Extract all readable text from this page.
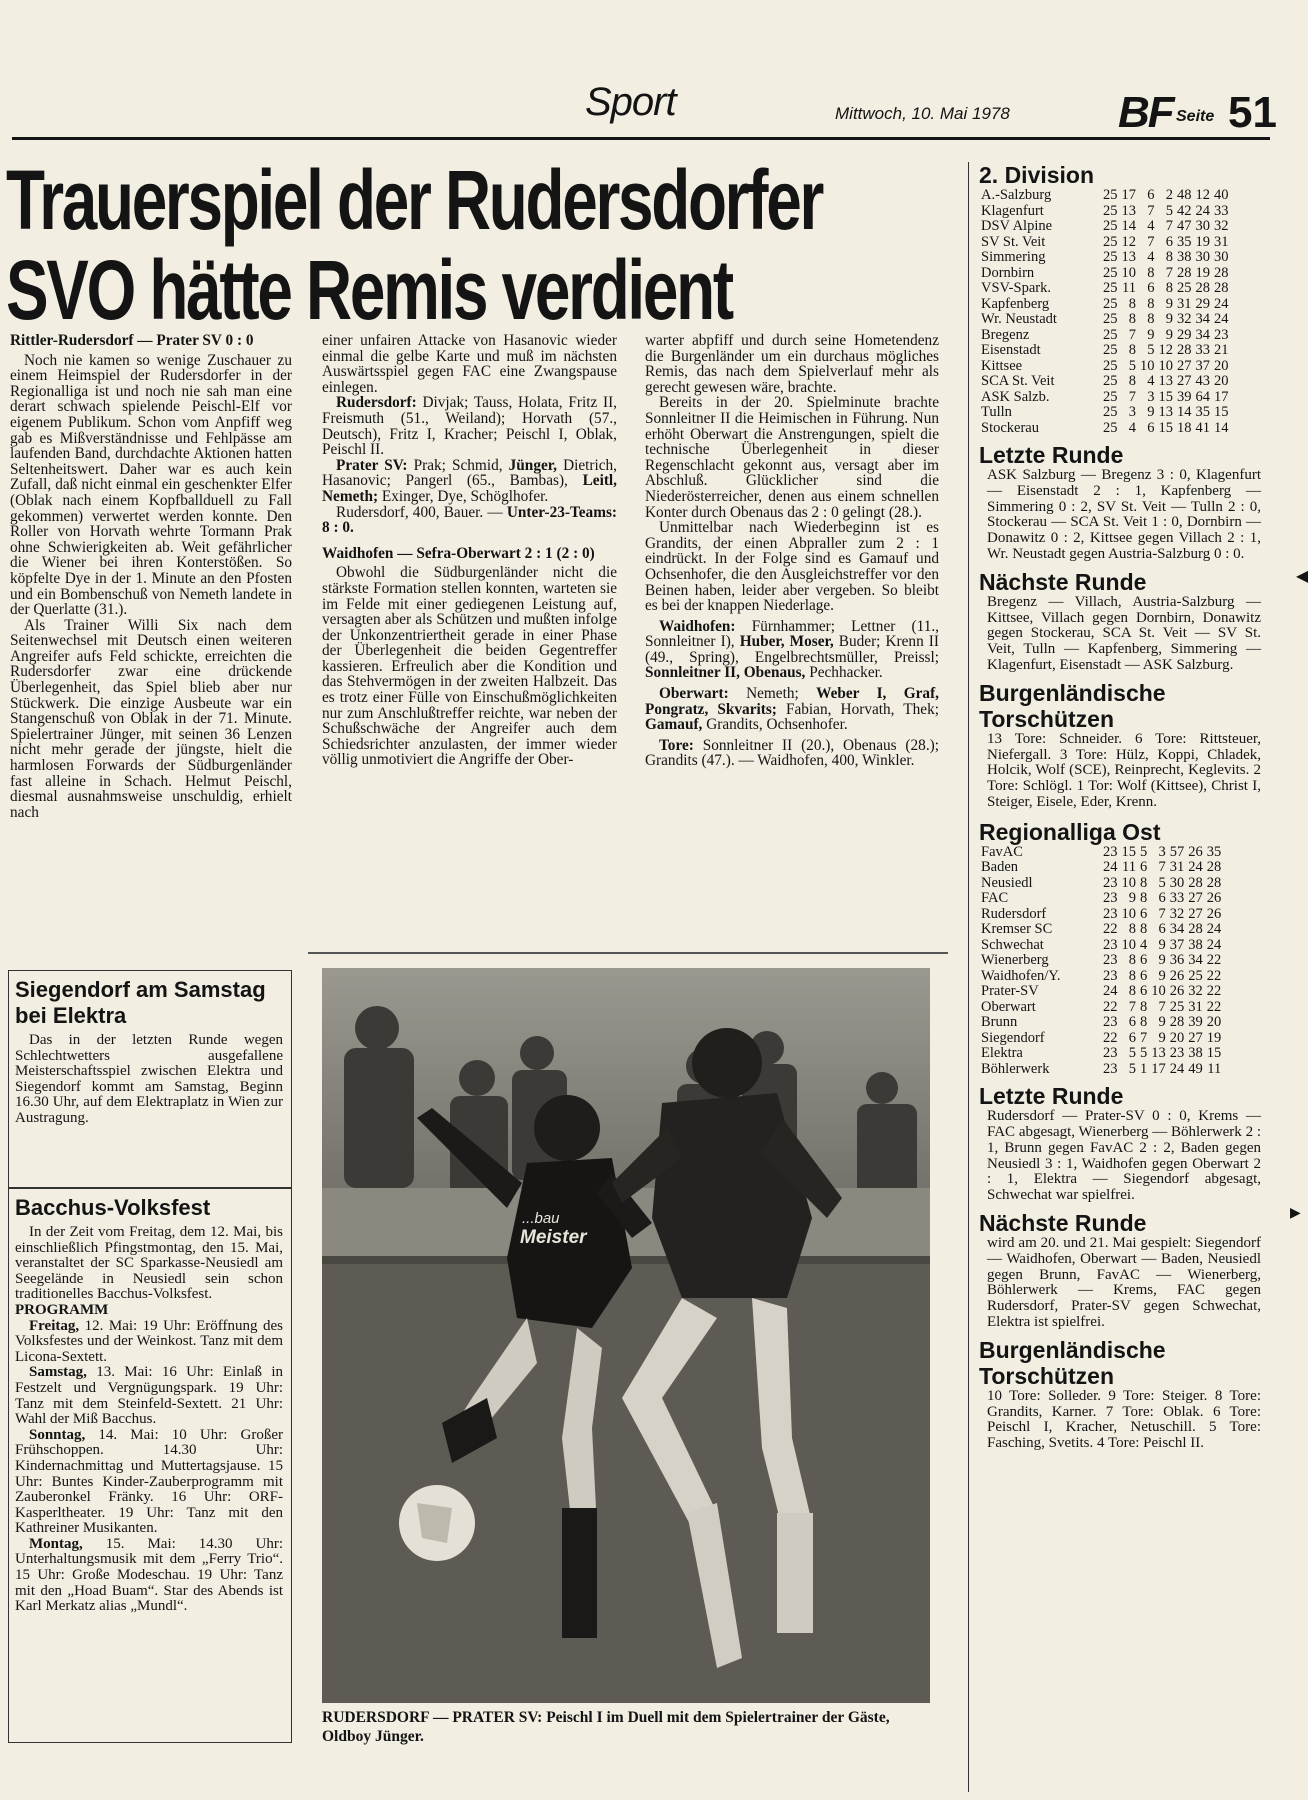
Sport	Mittwoch, 10. Mai 1978 BF Seite 51
Trauerspiel der Rudersdorfer
SVO hätte Remis verdient

Rittler-Rudersdorf — Prater SV 0 : 0

Noch nie kamen so wenige Zuschauer zu einem Heimspiel der Rudersdorfer in der Regionalliga ist und noch nie sah man eine derart schwach spielende Peischl-Elf vor eigenem Publikum. Schon vom Anpfiff weg gab es Mißverständnisse und Fehlpässe am laufenden Band, durchdachte Aktionen hatten Seltenheitswert. Daher war es auch kein Zufall, daß nicht einmal ein geschenkter Elfer (Oblak nach einem Kopfballduell zu Fall gekommen) verwertet werden konnte. Den Roller von Horvath wehrte Tormann Prak ohne Schwierigkeiten ab. Weit gefährlicher die Wiener bei ihren Konterstößen. So köpfelte Dye in der 1. Minute an den Pfosten und ein Bombenschuß von Nemeth landete in der Querlatte (31.).

Als Trainer Willi Six nach dem Seitenwechsel mit Deutsch einen weiteren Angreifer aufs Feld schickte, erreichten die Rudersdorfer zwar eine drückende Überlegenheit, das Spiel blieb aber nur Stückwerk. Die einzige Ausbeute war ein Stangenschuß von Oblak in der 71. Minute. Spielertrainer Jünger, mit seinen 36 Lenzen nicht mehr gerade der jüngste, hielt die harmlosen Forwards der Südburgenländer fast alleine in Schach. Helmut Peischl, diesmal ausnahmsweise unschuldig, erhielt nach

einer unfairen Attacke von Hasanovic wieder einmal die gelbe Karte und muß im nächsten Auswärtsspiel gegen FAC eine Zwangspause einlegen.

Rudersdorf: Divjak; Tauss, Holata, Fritz II, Freismuth (51., Weiland); Horvath (57., Deutsch), Fritz I, Kracher; Peischl I, Oblak, Peischl II.

Prater SV: Prak; Schmid, Jünger, Dietrich, Hasanovic; Pangerl (65., Bambas), Leitl, Nemeth; Exinger, Dye, Schöglhofer.

Rudersdorf, 400, Bauer. — Unter-23-Teams: 8 : 0.

Waidhofen — Sefra-Oberwart 2 : 1 (2 : 0)

Obwohl die Südburgenländer nicht die stärkste Formation stellen konnten, warteten sie im Felde mit einer gediegenen Leistung auf, versagten aber als Schützen und mußten infolge der Unkonzentriertheit gerade in einer Phase der Überlegenheit die beiden Gegentreffer kassieren. Erfreulich aber die Kondition und das Stehvermögen in der zweiten Halbzeit. Das es trotz einer Fülle von Einschußmöglichkeiten nur zum Anschlußtreffer reichte, war neben der Schußschwäche der Angreifer auch dem Schiedsrichter anzulasten, der immer wieder völlig unmotiviert die Angriffe der Ober-

warter abpfiff und durch seine Hometendenz die Burgenländer um ein durchaus mögliches Remis, das nach dem Spielverlauf mehr als gerecht gewesen wäre, brachte.

Bereits in der 20. Spielminute brachte Sonnleitner II die Heimischen in Führung. Nun erhöht Oberwart die Anstrengungen, spielt die technische Überlegenheit in dieser Regenschlacht gekonnt aus, versagt aber im Abschluß. Glücklicher sind die Niederösterreicher, denen aus einem schnellen Konter durch Obenaus das 2 : 0 gelingt (28.).

Unmittelbar nach Wiederbeginn ist es Grandits, der einen Abpraller zum 2 : 1 eindrückt. In der Folge sind es Gamauf und Ochsenhofer, die den Ausgleichstreffer vor den Beinen haben, leider aber vergeben. So bleibt es bei der knappen Niederlage.

Waidhofen: Fürnhammer; Lettner (11., Sonnleitner I), Huber, Moser, Buder; Krenn II (49., Spring), Engelbrechtsmüller, Preissl; Sonnleitner II, Obenaus, Pechhacker.

Oberwart: Nemeth; Weber I, Graf, Pongratz, Skvarits; Fabian, Horvath, Thek; Gamauf, Grandits, Ochsenhofer.

Tore: Sonnleitner II (20.), Obenaus (28.); Grandits (47.). — Waidhofen, 400, Winkler.

Siegendorf am Samstag bei Elektra

Das in der letzten Runde wegen Schlechtwetters ausgefallene Meisterschaftsspiel zwischen Elektra und Siegendorf kommt am Samstag, Beginn 16.30 Uhr, auf dem Elektraplatz in Wien zur Austragung.

Bacchus-Volksfest

In der Zeit vom Freitag, dem 12. Mai, bis einschließlich Pfingstmontag, den 15. Mai, veranstaltet der SC Sparkasse-Neusiedl am Seegelände in Neusiedl sein schon traditionelles Bacchus-Volksfest.

PROGRAMM

Freitag, 12. Mai: 19 Uhr: Eröffnung des Volksfestes und der Weinkost. Tanz mit dem Licona-Sextett.

Samstag, 13. Mai: 16 Uhr: Einlaß in Festzelt und Vergnügungspark. 19 Uhr: Tanz mit dem Steinfeld-Sextett. 21 Uhr: Wahl der Miß Bacchus.

Sonntag, 14. Mai: 10 Uhr: Großer Frühschoppen. 14.30 Uhr: Kindernachmittag und Muttertagsjause. 15 Uhr: Buntes Kinder-Zauberprogramm mit Zauberonkel Fränky. 16 Uhr: ORF-Kasperltheater. 19 Uhr: Tanz mit den Kathreiner Musikanten.

Montag, 15. Mai: 14.30 Uhr: Unterhaltungsmusik mit dem „Ferry Trio“. 15 Uhr: Große Modeschau. 19 Uhr: Tanz mit den „Hoad Buam“. Star des Abends ist Karl Merkatz alias „Mundl“.

...bau
Meister
RUDERSDORF — PRATER SV: Peischl I im Duell mit dem Spielertrainer der Gäste, Oldboy Jünger.
2. Division
A.-Salzburg	25	17	6	2	48	12	40
Klagenfurt	25	13	7	5	42	24	33
DSV Alpine	25	14	4	7	47	30	32
SV St. Veit	25	12	7	6	35	19	31
Simmering	25	13	4	8	38	30	30
Dornbirn	25	10	8	7	28	19	28
VSV-Spark.	25	11	6	8	25	28	28
Kapfenberg	25	8	8	9	31	29	24
Wr. Neustadt	25	8	8	9	32	34	24
Bregenz	25	7	9	9	29	34	23
Eisenstadt	25	8	5	12	28	33	21
Kittsee	25	5	10	10	27	37	20
SCA St. Veit	25	8	4	13	27	43	20
ASK Salzb.	25	7	3	15	39	64	17
Tulln	25	3	9	13	14	35	15
Stockerau	25	4	6	15	18	41	14
Letzte Runde

ASK Salzburg — Bregenz 3 : 0, Klagenfurt — Eisenstadt 2 : 1, Kapfenberg — Simmering 0 : 2, SV St. Veit — Tulln 2 : 0, Stockerau — SCA St. Veit 1 : 0, Dornbirn — Donawitz 0 : 2, Kittsee gegen Villach 2 : 1, Wr. Neustadt gegen Austria-Salzburg 0 : 0.

Nächste Runde

Bregenz — Villach, Austria-Salzburg — Kittsee, Villach gegen Dornbirn, Donawitz gegen Stockerau, SCA St. Veit — SV St. Veit, Tulln — Kapfenberg, Simmering — Klagenfurt, Eisenstadt — ASK Salzburg.

Burgenländische Torschützen

13 Tore: Schneider. 6 Tore: Rittsteuer, Niefergall. 3 Tore: Hülz, Koppi, Chladek, Holcik, Wolf (SCE), Reinprecht, Keglevits. 2 Tore: Schlögl. 1 Tor: Wolf (Kittsee), Christ I, Steiger, Eisele, Eder, Krenn.

Regionalliga Ost
FavAC	23	15	5	3	57	26	35
Baden	24	11	6	7	31	24	28
Neusiedl	23	10	8	5	30	28	28
FAC	23	9	8	6	33	27	26
Rudersdorf	23	10	6	7	32	27	26
Kremser SC	22	8	8	6	34	28	24
Schwechat	23	10	4	9	37	38	24
Wienerberg	23	8	6	9	36	34	22
Waidhofen/Y.	23	8	6	9	26	25	22
Prater-SV	24	8	6	10	26	32	22
Oberwart	22	7	8	7	25	31	22
Brunn	23	6	8	9	28	39	20
Siegendorf	22	6	7	9	20	27	19
Elektra	23	5	5	13	23	38	15
Böhlerwerk	23	5	1	17	24	49	11
Letzte Runde

Rudersdorf — Prater-SV 0 : 0, Krems — FAC abgesagt, Wienerberg — Böhlerwerk 2 : 1, Brunn gegen FavAC 2 : 2, Baden gegen Neusiedl 3 : 1, Waidhofen gegen Oberwart 2 : 1, Elektra — Siegendorf abgesagt, Schwechat war spielfrei.

Nächste Runde

wird am 20. und 21. Mai gespielt: Siegendorf — Waidhofen, Oberwart — Baden, Neusiedl gegen Brunn, FavAC — Wienerberg, Böhlerwerk — Krems, FAC gegen Rudersdorf, Prater-SV gegen Schwechat, Elektra ist spielfrei.

Burgenländische Torschützen

10 Tore: Solleder. 9 Tore: Steiger. 8 Tore: Grandits, Karner. 7 Tore: Oblak. 6 Tore: Peischl I, Kracher, Netuschill. 5 Tore: Fasching, Svetits. 4 Tore: Peischl II.

◀
▶
